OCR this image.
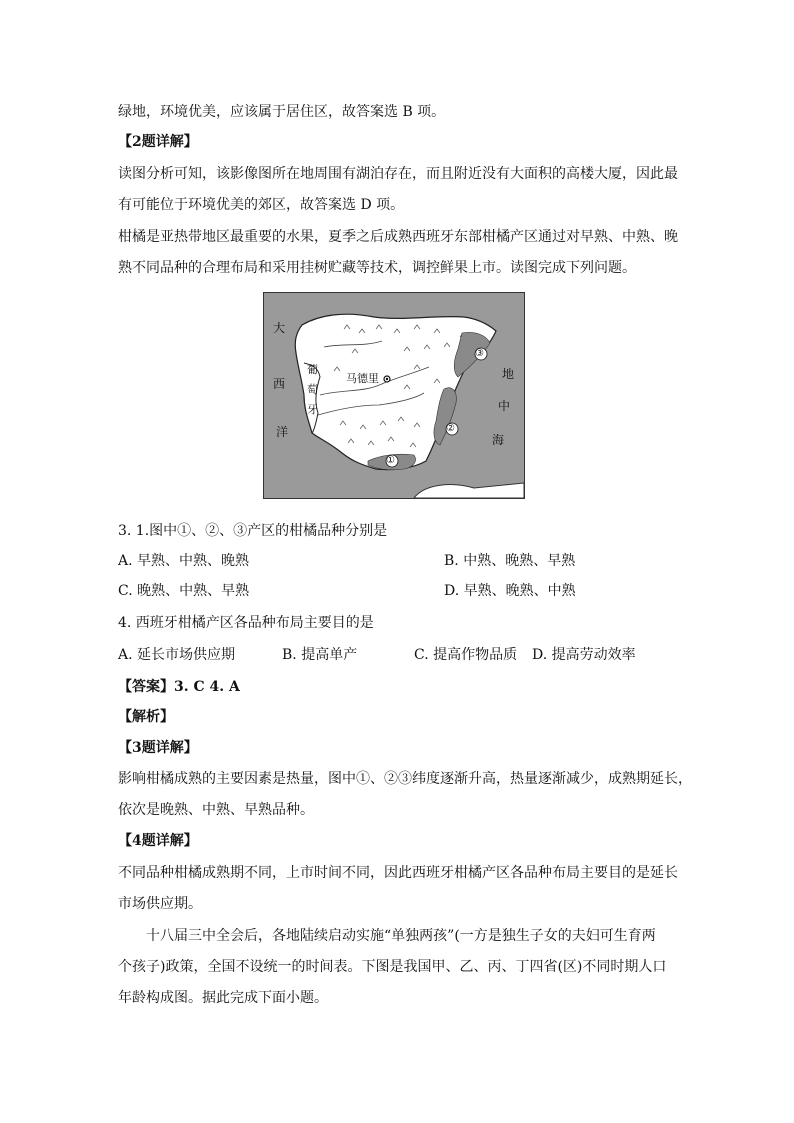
绿地，环境优美，应该属于居住区，故答案选 B 项。
【2题详解】
读图分析可知，该影像图所在地周围有湖泊存在，而且附近没有大面积的高楼大厦，因此最
有可能位于环境优美的郊区，故答案选 D 项。
柑橘是亚热带地区最重要的水果，夏季之后成熟西班牙东部柑橘产区通过对早熟、中熟、晚
熟不同品种的合理布局和采用挂树贮藏等技术，调控鲜果上市。读图完成下列问题。
大
西
洋
地
中
海
葡
萄
牙
马德里
③
②
①
3. 1.图中①、②、③产区的柑橘品种分别是
A. 早熟、中熟、晚熟	B. 中熟、晚熟、早熟
C. 晚熟、中熟、早熟	D. 早熟、晚熟、中熟
4. 西班牙柑橘产区各品种布局主要目的是
A. 延长市场供应期	B. 提高单产	C. 提高作物品质 D. 提高劳动效率
【答案】3. C 4. A
【解析】
【3题详解】
影响柑橘成熟的主要因素是热量，图中①、②③纬度逐渐升高，热量逐渐减少，成熟期延长，
依次是晚熟、中熟、早熟品种。
【4题详解】
不同品种柑橘成熟期不同，上市时间不同，因此西班牙柑橘产区各品种布局主要目的是延长
市场供应期。
十八届三中全会后，各地陆续启动实施“单独两孩”(一方是独生子女的夫妇可生育两
个孩子)政策，全国不设统一的时间表。下图是我国甲、乙、丙、丁四省(区)不同时期人口
年龄构成图。据此完成下面小题。
